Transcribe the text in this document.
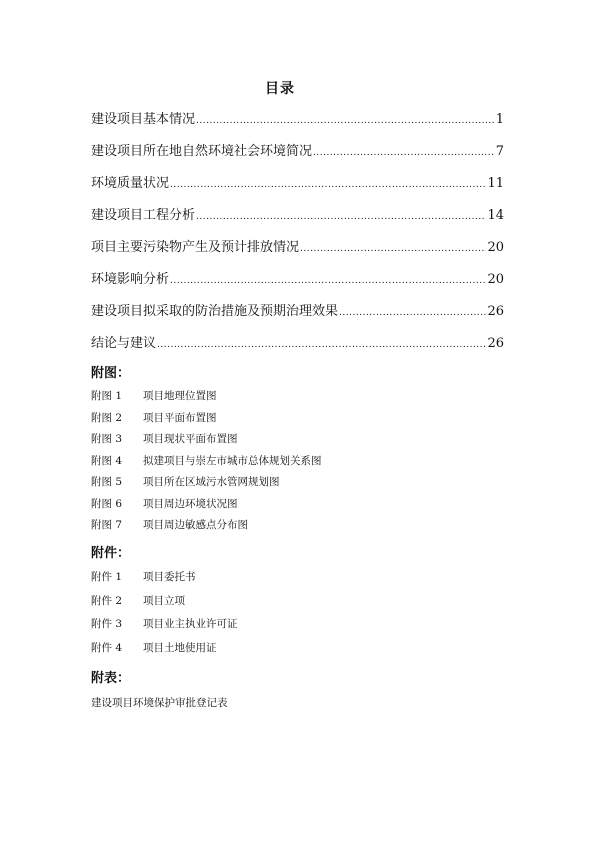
目录
建设项目基本情况 .....	1
建设项目所在地自然环境社会环境简况 .....	7
环境质量状况 .....	11
建设项目工程分析 .....	14
项目主要污染物产生及预计排放情况 .....	20
环境影响分析 .....	20
建设项目拟采取的防治措施及预期治理效果 .....	26
结论与建议 .....	26
附图：
附图 1	项目地理位置图
附图 2	项目平面布置图
附图 3	项目现状平面布置图
附图 4	拟建项目与崇左市城市总体规划关系图
附图 5	项目所在区域污水管网规划图
附图 6	项目周边环境状况图
附图 7	项目周边敏感点分布图
附件：
附件 1	项目委托书
附件 2	项目立项
附件 3	项目业主执业许可证
附件 4	项目土地使用证
附表：
建设项目环境保护审批登记表
